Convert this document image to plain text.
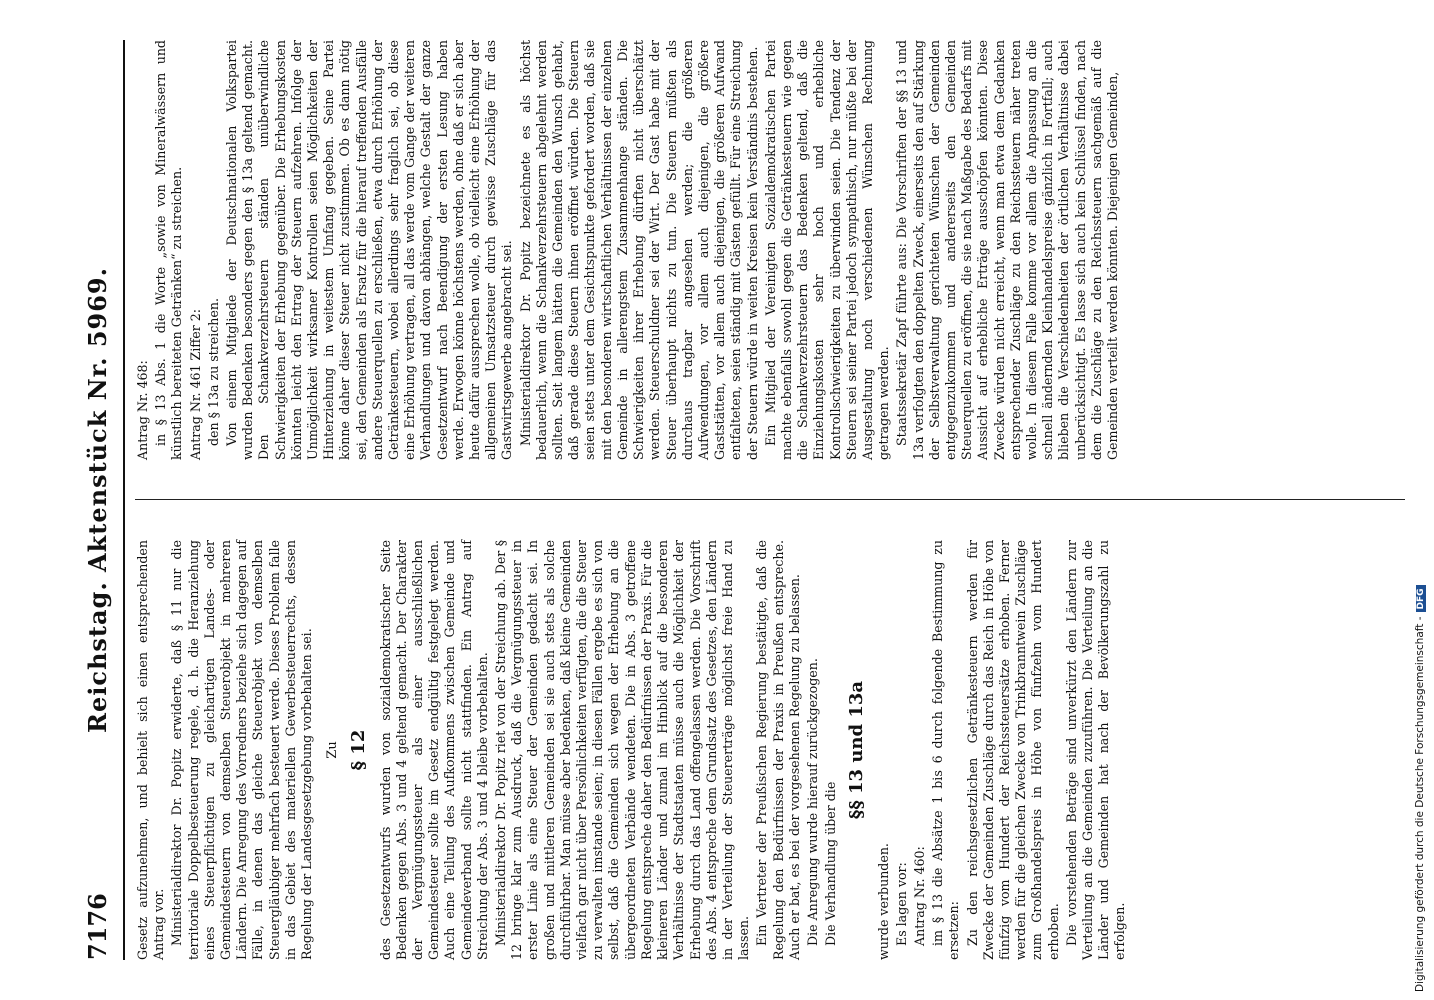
7176
Reichstag. Aktenstück Nr. 5969.

Gesetz aufzunehmen, und behielt sich einen entsprechenden Antrag vor. Ministerialdirektor Dr. Popitz erwiderte, daß § 11 nur die territoriale Doppelbesteuerung regele, d. h. die Heranziehung eines Steuerpflichtigen zu gleichartigen Landes- oder Gemeindesteuern von demselben Steuerobjekt in mehreren Ländern. Die Anregung des Vorredners beziehe sich dagegen auf Fälle, in denen das gleiche Steuerobjekt von demselben Steuergläubiger mehrfach besteuert werde. Dieses Problem falle in das Gebiet des materiellen Gewerbesteuerrechts, dessen Regelung der Landesgesetzgebung vorbehalten sei. Zu § 12 des Gesetzentwurfs wurden von sozialdemokratischer Seite Bedenken gegen Abs. 3 und 4 geltend gemacht. Der Charakter der Vergnügungssteuer als einer ausschließlichen Gemeindesteuer sollte im Gesetz endgültig festgelegt werden. Auch eine Teilung des Aufkommens zwischen Gemeinde und Gemeindeverband sollte nicht stattfinden. Ein Antrag auf Streichung der Abs. 3 und 4 bleibe vorbehalten. Ministerialdirektor Dr. Popitz riet von der Streichung ab. Der § 12 bringe klar zum Ausdruck, daß die Vergnügungssteuer in erster Linie als eine Steuer der Gemeinden gedacht sei. In großen und mittleren Gemeinden sei sie auch stets als solche durchführbar. Man müsse aber bedenken, daß kleine Gemeinden vielfach gar nicht über Persönlichkeiten verfügten, die die Steuer zu verwalten imstande seien; in diesen Fällen ergebe es sich von selbst, daß die Gemeinden sich wegen der Erhebung an die übergeordneten Verbände wendeten. Die in Abs. 3 getroffene Regelung entspreche daher den Bedürfnissen der Praxis. Für die kleineren Länder und zumal im Hinblick auf die besonderen Verhältnisse der Stadtstaaten müsse auch die Möglichkeit der Erhebung durch das Land offengelassen werden. Die Vorschrift des Abs. 4 entspreche dem Grundsatz des Gesetzes, den Ländern in der Verteilung der Steuererträge möglichst freie Hand zu lassen. Ein Vertreter der Preußischen Regierung bestätigte, daß die Regelung den Bedürfnissen der Praxis in Preußen entspreche. Auch er bat, es bei der vorgesehenen Regelung zu belassen. Die Anregung wurde hierauf zurückgezogen. Die Verhandlung über die

§§ 13 und 13a

wurde verbunden. Es lagen vor: Antrag Nr. 460: im § 13 die Absätze 1 bis 6 durch folgende Bestimmung zu ersetzen: Zu den reichsgesetzlichen Getränkesteuern werden für Zwecke der Gemeinden Zuschläge durch das Reich in Höhe von fünfzig vom Hundert der Reichssteuersätze erhoben. Ferner werden für die gleichen Zwecke von Trinkbranntwein Zuschläge zum Großhandelspreis in Höhe von fünfzehn vom Hundert erhoben. Die vorstehenden Beträge sind unverkürzt den Ländern zur Verteilung an die Gemeinden zuzuführen. Die Verteilung an die Länder und Gemeinden hat nach der Bevölkerungszahl zu erfolgen.

Antrag Nr. 468: in § 13 Abs. 1 die Worte „sowie von Mineralwässern und künstlich bereiteten Getränken“ zu streichen. Antrag Nr. 461 Ziffer 2: den § 13a zu streichen. Von einem Mitgliede der Deutschnationalen Volkspartei wurden Bedenken besonders gegen den § 13a geltend gemacht. Den Schankverzehrsteuern ständen unüberwindliche Schwierigkeiten der Erhebung gegenüber. Die Erhebungskosten könnten leicht den Ertrag der Steuern aufzehren. Infolge der Unmöglichkeit wirksamer Kontrollen seien Möglichkeiten der Hinterziehung in weitestem Umfang gegeben. Seine Partei könne daher dieser Steuer nicht zustimmen. Ob es dann nötig sei, den Gemeinden als Ersatz für die hierauf treffenden Ausfälle andere Steuerquellen zu erschließen, etwa durch Erhöhung der Getränkesteuern, wobei allerdings sehr fraglich sei, ob diese eine Erhöhung vertragen, all das werde vom Gange der weiteren Verhandlungen und davon abhängen, welche Gestalt der ganze Gesetzentwurf nach Beendigung der ersten Lesung haben werde. Erwogen könne höchstens werden, ohne daß er sich aber heute dafür aussprechen wolle, ob vielleicht eine Erhöhung der allgemeinen Umsatzsteuer durch gewisse Zuschläge für das Gastwirtsgewerbe angebracht sei. Ministerialdirektor Dr. Popitz bezeichnete es als höchst bedauerlich, wenn die Schankverzehrsteuern abgelehnt werden sollten. Seit langem hätten die Gemeinden den Wunsch gehabt, daß gerade diese Steuern ihnen eröffnet würden. Die Steuern seien stets unter dem Gesichtspunkte gefordert worden, daß sie mit den besonderen wirtschaftlichen Verhältnissen der einzelnen Gemeinde in allerengstem Zusammenhange ständen. Die Schwierigkeiten ihrer Erhebung dürften nicht überschätzt werden. Steuerschuldner sei der Wirt. Der Gast habe mit der Steuer überhaupt nichts zu tun. Die Steuern müßten als durchaus tragbar angesehen werden; die größeren Aufwendungen, vor allem auch diejenigen, die größere Gaststätten, vor allem auch diejenigen, die größeren Aufwand entfalteten, seien ständig mit Gästen gefüllt. Für eine Streichung der Steuern würde in weiten Kreisen kein Verständnis bestehen. Ein Mitglied der Vereinigten Sozialdemokratischen Partei machte ebenfalls sowohl gegen die Getränkesteuern wie gegen die Schankverzehrsteuern das Bedenken geltend, daß die Einziehungskosten sehr hoch und erhebliche Kontrollschwierigkeiten zu überwinden seien. Die Tendenz der Steuern sei seiner Partei jedoch sympathisch, nur müßte bei der Ausgestaltung noch verschiedenen Wünschen Rechnung getragen werden. Staatssekretär Zapf führte aus: Die Vorschriften der §§ 13 und 13a verfolgten den doppelten Zweck, einerseits den auf Stärkung der Selbstverwaltung gerichteten Wünschen der Gemeinden entgegenzukommen und andererseits den Gemeinden Steuerquellen zu eröffnen, die sie nach Maßgabe des Bedarfs mit Aussicht auf erhebliche Erträge ausschöpfen könnten. Diese Zwecke würden nicht erreicht, wenn man etwa dem Gedanken entsprechender Zuschläge zu den Reichssteuern näher treten wolle. In diesem Falle komme vor allem die Anpassung an die schnell ändernden Kleinhandelspreise gänzlich in Fortfall; auch blieben die Verschiedenheiten der örtlichen Verhältnisse dabei unberücksichtigt. Es lasse sich auch kein Schlüssel finden, nach dem die Zuschläge zu den Reichssteuern sachgemäß auf die Gemeinden verteilt werden könnten. Diejenigen Gemeinden,

Digitalisierung gefördert durch die Deutsche Forschungsgemeinschaft -DFG
